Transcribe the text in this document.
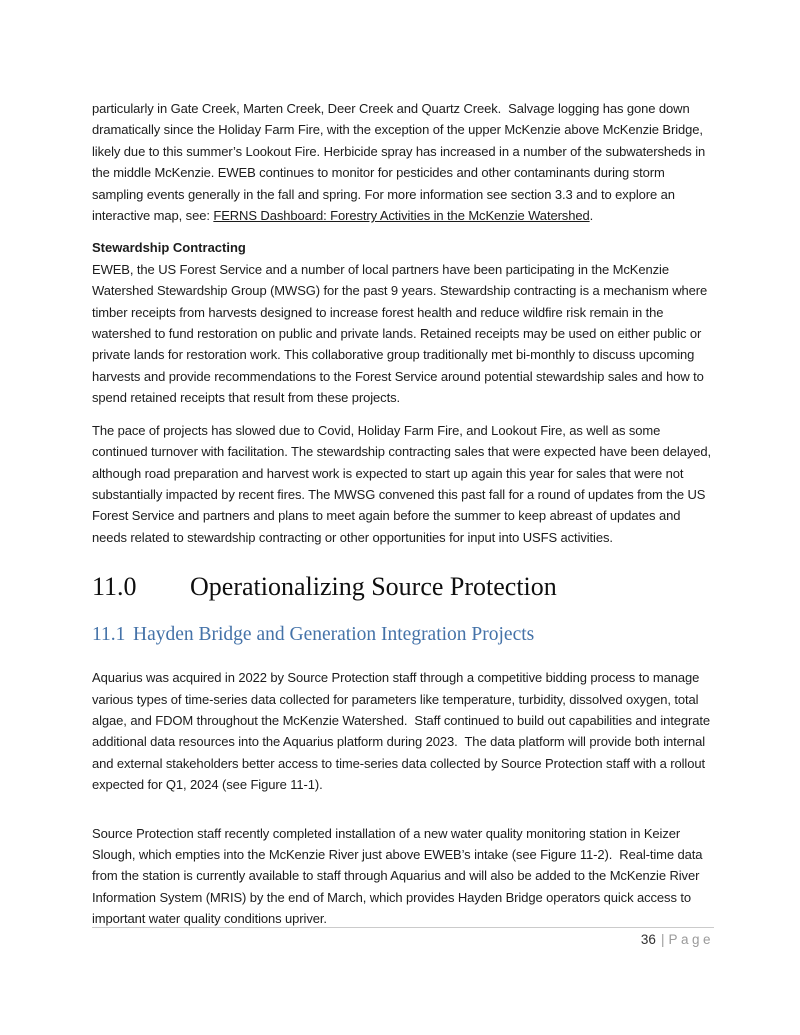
particularly in Gate Creek, Marten Creek, Deer Creek and Quartz Creek.  Salvage logging has gone down dramatically since the Holiday Farm Fire, with the exception of the upper McKenzie above McKenzie Bridge, likely due to this summer’s Lookout Fire. Herbicide spray has increased in a number of the subwatersheds in the middle McKenzie. EWEB continues to monitor for pesticides and other contaminants during storm sampling events generally in the fall and spring. For more information see section 3.3 and to explore an interactive map, see: FERNS Dashboard: Forestry Activities in the McKenzie Watershed.

Stewardship Contracting

EWEB, the US Forest Service and a number of local partners have been participating in the McKenzie Watershed Stewardship Group (MWSG) for the past 9 years. Stewardship contracting is a mechanism where timber receipts from harvests designed to increase forest health and reduce wildfire risk remain in the watershed to fund restoration on public and private lands. Retained receipts may be used on either public or private lands for restoration work. This collaborative group traditionally met bi-monthly to discuss upcoming harvests and provide recommendations to the Forest Service around potential stewardship sales and how to spend retained receipts that result from these projects.

The pace of projects has slowed due to Covid, Holiday Farm Fire, and Lookout Fire, as well as some continued turnover with facilitation. The stewardship contracting sales that were expected have been delayed, although road preparation and harvest work is expected to start up again this year for sales that were not substantially impacted by recent fires. The MWSG convened this past fall for a round of updates from the US Forest Service and partners and plans to meet again before the summer to keep abreast of updates and needs related to stewardship contracting or other opportunities for input into USFS activities.

11.0 Operationalizing Source Protection
11.1 Hayden Bridge and Generation Integration Projects

Aquarius was acquired in 2022 by Source Protection staff through a competitive bidding process to manage various types of time-series data collected for parameters like temperature, turbidity, dissolved oxygen, total algae, and FDOM throughout the McKenzie Watershed.  Staff continued to build out capabilities and integrate additional data resources into the Aquarius platform during 2023.  The data platform will provide both internal and external stakeholders better access to time-series data collected by Source Protection staff with a rollout expected for Q1, 2024 (see Figure 11-1).

Source Protection staff recently completed installation of a new water quality monitoring station in Keizer Slough, which empties into the McKenzie River just above EWEB’s intake (see Figure 11-2).  Real-time data from the station is currently available to staff through Aquarius and will also be added to the McKenzie River Information System (MRIS) by the end of March, which provides Hayden Bridge operators quick access to important water quality conditions upriver.

36 | Page
